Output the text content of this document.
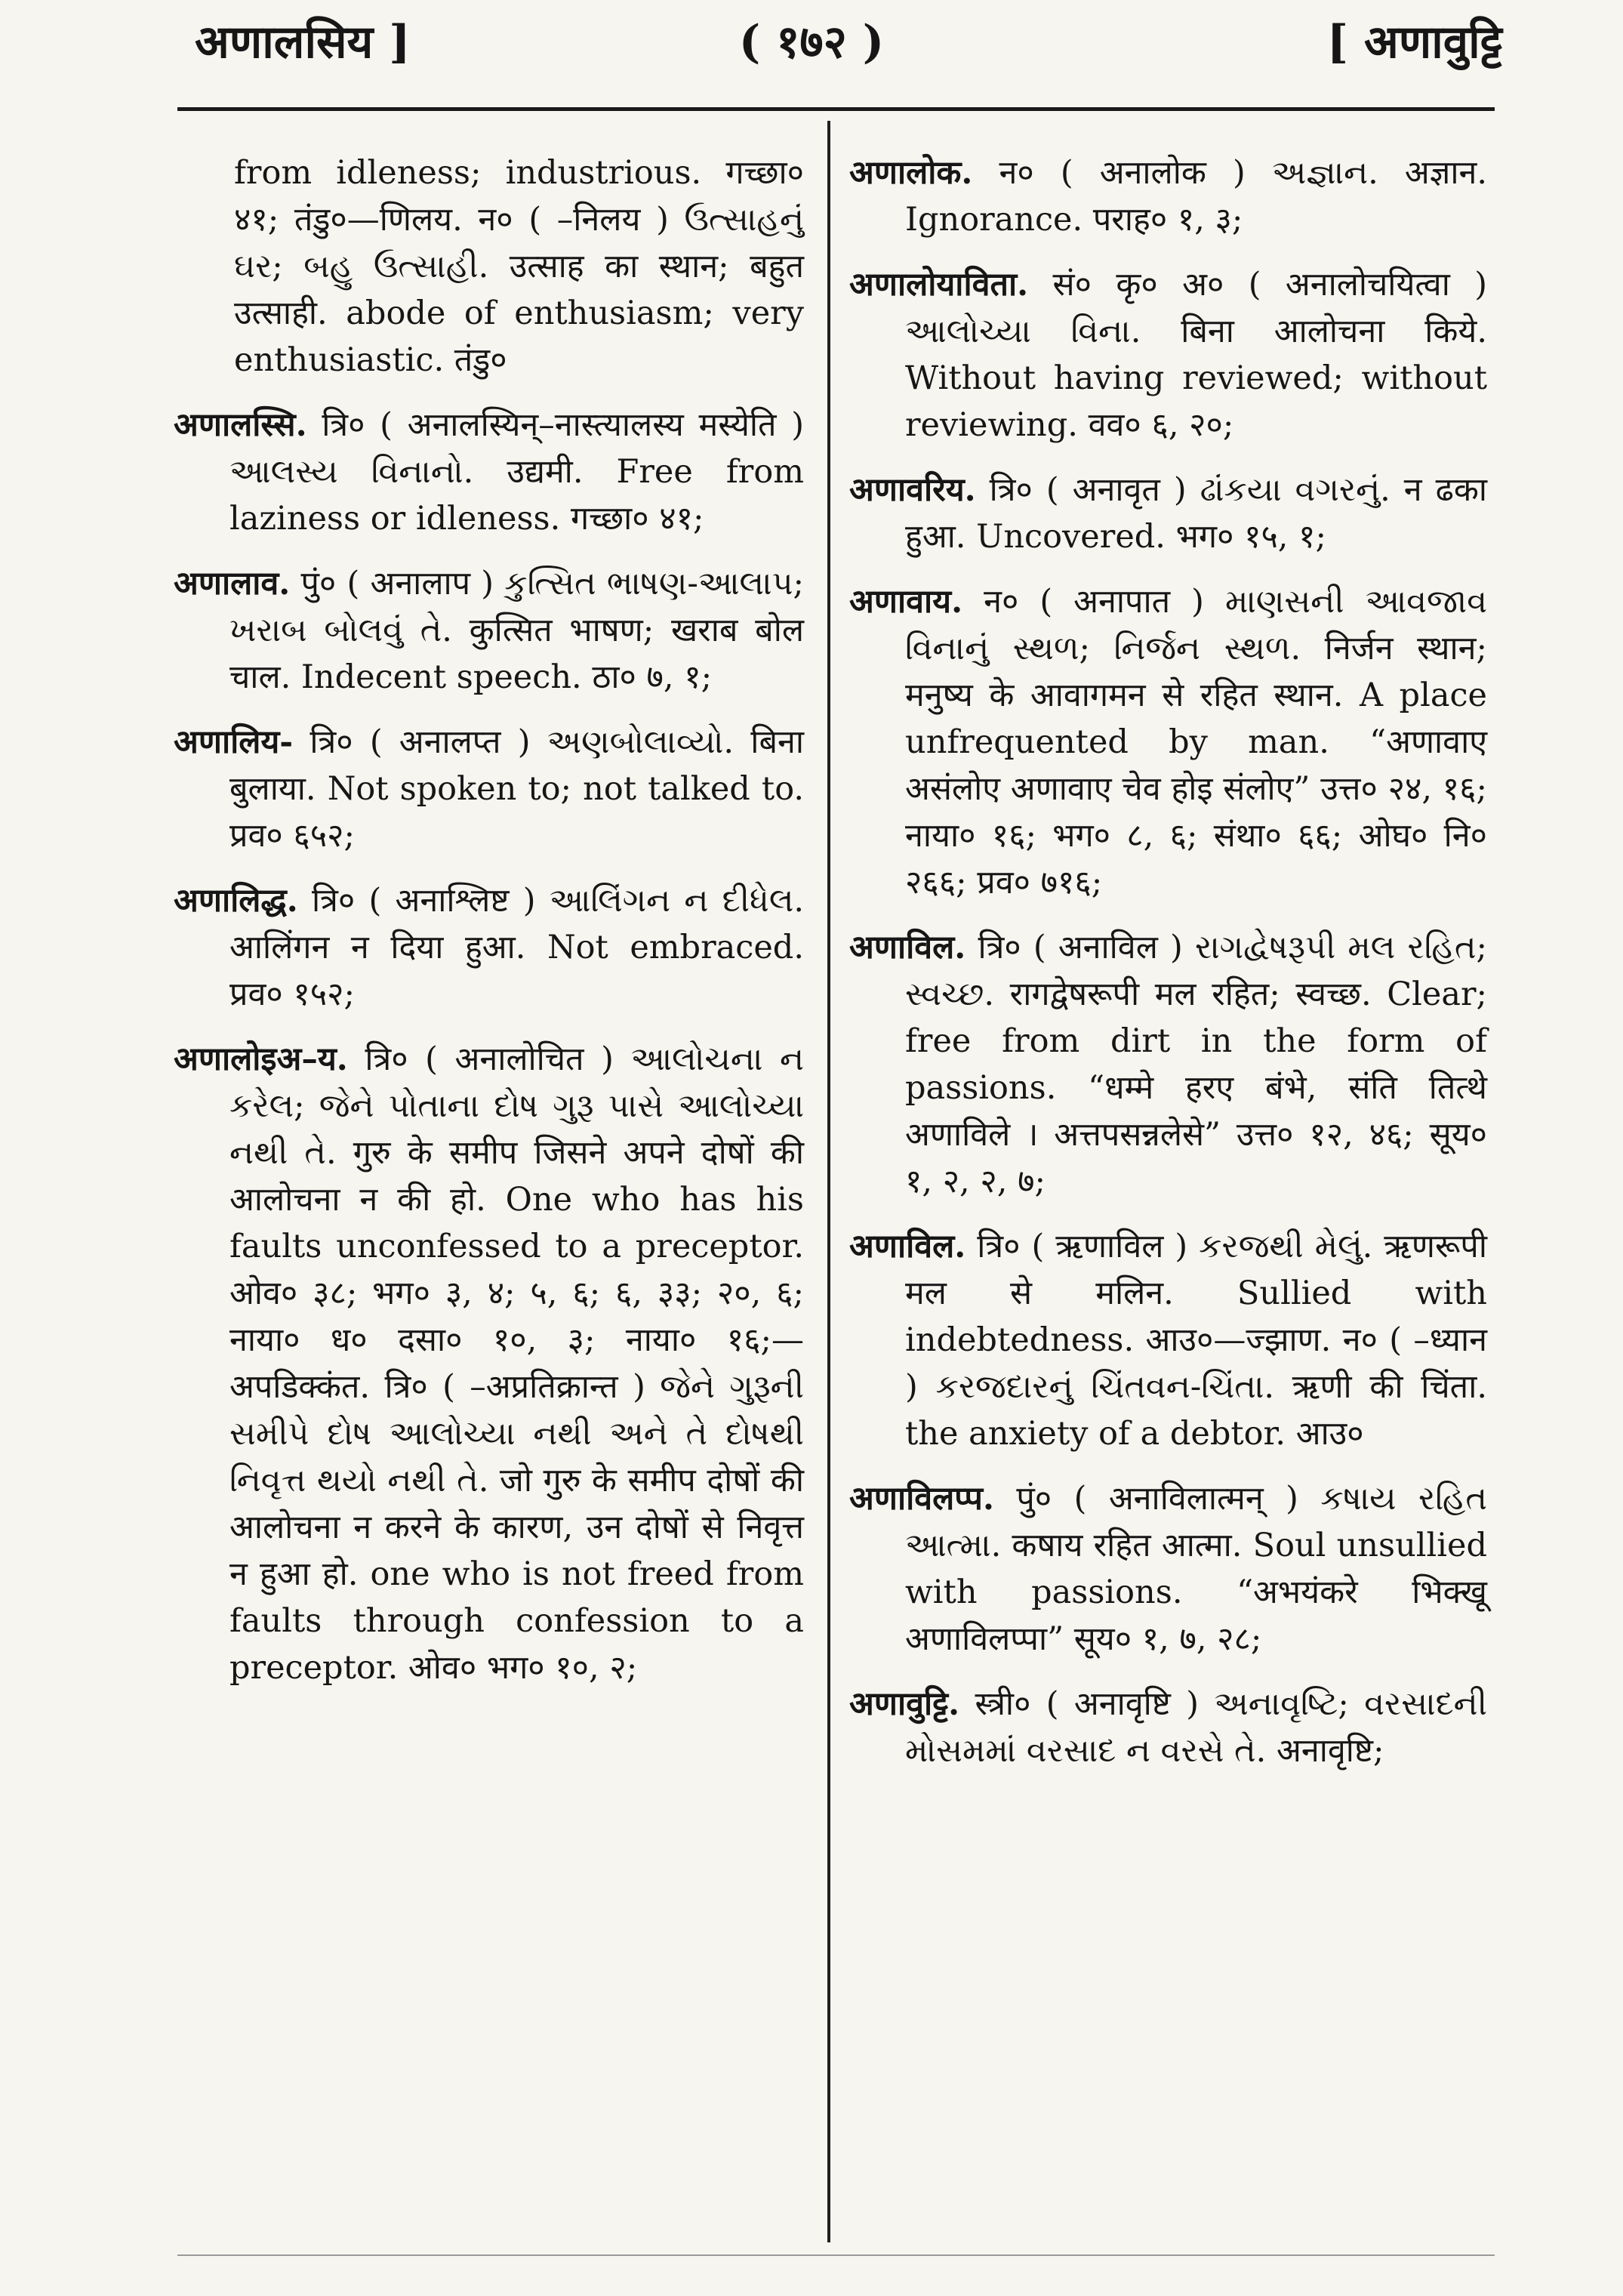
अणालसिय ]	( १७२ )	[ अणावुट्टि

from idleness; industrious. गच्छा० ४१; तंडु०—णिलय. न० ( –निलय ) ઉત્સાહનું ઘર; બહુ ઉત્સાહી. उत्साह का स्थान; बहुत उत्साही. abode of enthusiasm; very enthusiastic. तंडु०

अणालस्सि. त्रि० ( अनालस्यिन्–नास्त्यालस्य मस्येति ) આલસ્ય વિનાનો. उद्यमी. Free from laziness or idleness. गच्छा० ४१;

अणालाव. पुं० ( अनालाप ) કુત્સિત ભાષણ-આલાપ; ખરાબ બોલવું તે. कुत्सित भाषण; खराब बोल चाल. Indecent speech. ठा० ७, १;

अणालिय- त्रि० ( अनालप्त ) અણબોલાવ્યો. बिना बुलाया. Not spoken to; not talked to. प्रव० ६५२;

अणालिद्ध. त्रि० ( अनाश्लिष्ट ) આલિંગન ન દીધેલ. आलिंगन न दिया हुआ. Not embraced. प्रव० १५२;

अणालोइअ–य. त्रि० ( अनालोचित ) આલોચના ન કરેલ; જેને પોતાના દોષ ગુરૂ પાસે આલોચ્યા નથી તે. गुरु के समीप जिसने अपने दोषों की आलोचना न की हो. One who has his faults unconfessed to a preceptor. ओव० ३८; भग० ३, ४; ५, ६; ६, ३३; २०, ६; नाया० ध० दसा० १०, ३; नाया० १६;—अपडिक्कंत. त्रि० ( –अप्रतिक्रान्त ) જેને ગુરૂની સમીપે દોષ આલોચ્યા નથી અને તે દોષથી નિવૃત્ત થયો નથી તે. जो गुरु के समीप दोषों की आलोचना न करने के कारण, उन दोषों से निवृत्त न हुआ हो. one who is not freed from faults through confession to a preceptor. ओव० भग० १०, २;

अणालोक. न० ( अनालोक ) અજ્ઞાન. अज्ञान. Ignorance. पराह० १, ३;

अणालोयाविता. सं० कृ० अ० ( अनालोचयित्वा ) આલોચ્યા વિના. बिना आलोचना किये. Without having reviewed; without reviewing. वव० ६, २०;

अणावरिय. त्रि० ( अनावृत ) ઢાંકયા વગરનું. न ढका हुआ. Uncovered. भग० १५, १;

अणावाय. न० ( अनापात ) માણસની આવજાવ વિનાનું સ્થળ; નિર્જન સ્થળ. निर्जन स्थान; मनुष्य के आवागमन से रहित स्थान. A place unfrequented by man. “अणावाए असंलोए अणावाए चेव होइ संलोए” उत्त० २४, १६; नाया० १६; भग० ८, ६; संथा० ६६; ओघ० नि० २६६; प्रव० ७१६;

अणाविल. त्रि० ( अनाविल ) રાગદ્વેષરૂપી મલ રહિત; સ્વચ્છ. रागद्वेषरूपी मल रहित; स्वच्छ. Clear; free from dirt in the form of passions. “धम्मे हरए बंभे, संति तित्थे अणाविले । अत्तपसन्नलेसे” उत्त० १२, ४६; सूय० १, २, २, ७;

अणाविल. त्रि० ( ऋणाविल ) કરજથી મેલું. ऋणरूपी मल से मलिन. Sullied with indebtedness. आउ०—ज्झाण. न० ( –ध्यान ) કરજદારનું ચિંતવન-ચિંતા. ऋणी की चिंता. the anxiety of a debtor. आउ०

अणाविलप्प. पुं० ( अनाविलात्मन् ) કષાય રહિત આત્મા. कषाय रहित आत्मा. Soul unsullied with passions. “अभयंकरे भिक्खू अणाविलप्पा” सूय० १, ७, २८;

अणावुट्टि. स्त्री० ( अनावृष्टि ) અનાવૃષ્ટિ; વરસાદની મોસમમાં વરસાદ ન વરસે તે. अनावृष्टि;
